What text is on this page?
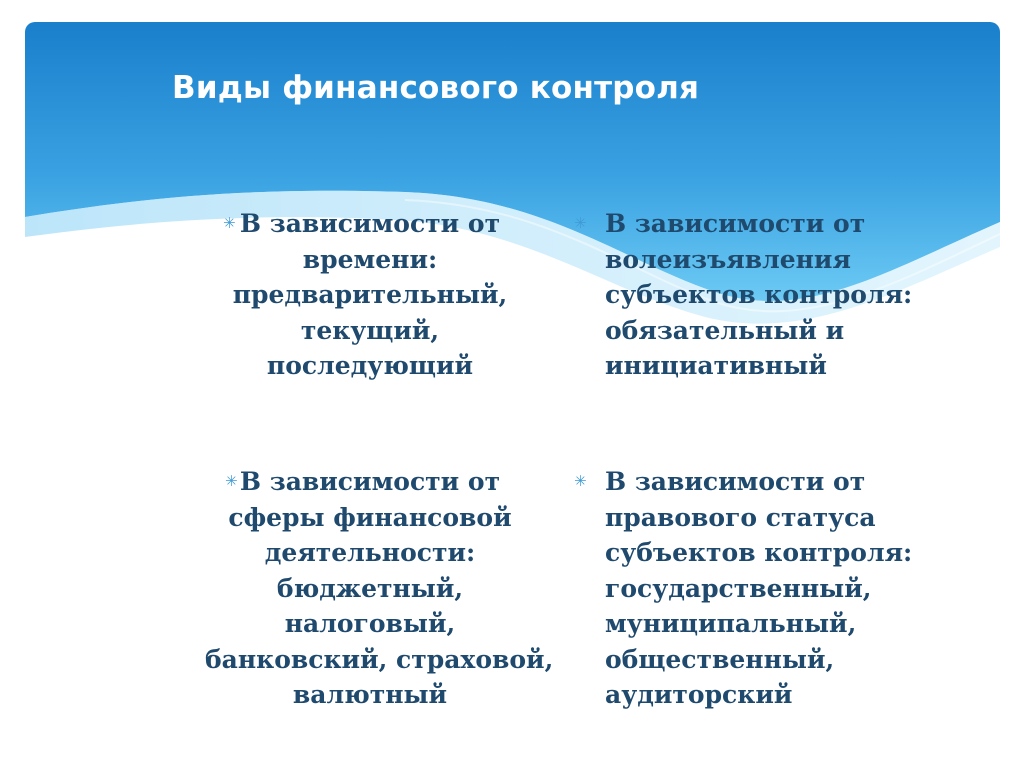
Виды финансового контроля
✳ В зависимости от
времени:
предварительный,
текущий,
последующий
✳ В зависимости от
волеизъявления
субъектов контроля:
обязательный и
инициативный
✳ В зависимости от
сферы финансовой
деятельности:
бюджетный,
налоговый,
банковский, страховой,
валютный
✳ В зависимости от
правового статуса
субъектов контроля:
государственный,
муниципальный,
общественный,
аудиторский
